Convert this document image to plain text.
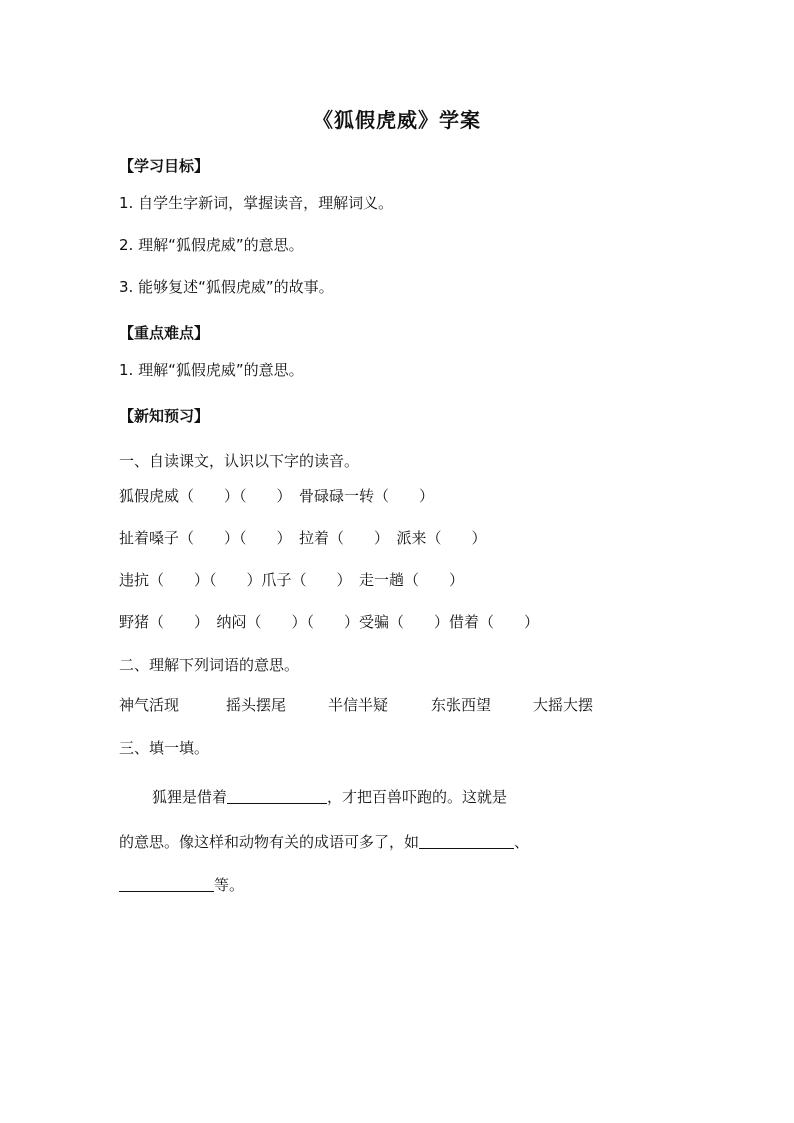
《狐假虎威》学案
【学习目标】
1. 自学生字新词，掌握读音，理解词义。
2. 理解“狐假虎威”的意思。
3. 能够复述“狐假虎威”的故事。
【重点难点】
1. 理解“狐假虎威”的意思。
【新知预习】
一、自读课文，认识以下字的读音。
狐假虎威（　　）（　　）　骨碌碌一转（　　）
扯着嗓子（　　）（　　）　拉着（　　）　派来（　　）
违抗（　　）（　　）爪子（　　）　走一趟（　　）
野猪（　　）　纳闷（　　）（　　）受骗（　　）借着（　　）
二、理解下列词语的意思。
神气活现	摇头摆尾	半信半疑	东张西望	大摇大摆
三、填一填。
狐狸是借着	，才把百兽吓跑的。这就是
的意思。像这样和动物有关的成语可多了，如	、
等。
